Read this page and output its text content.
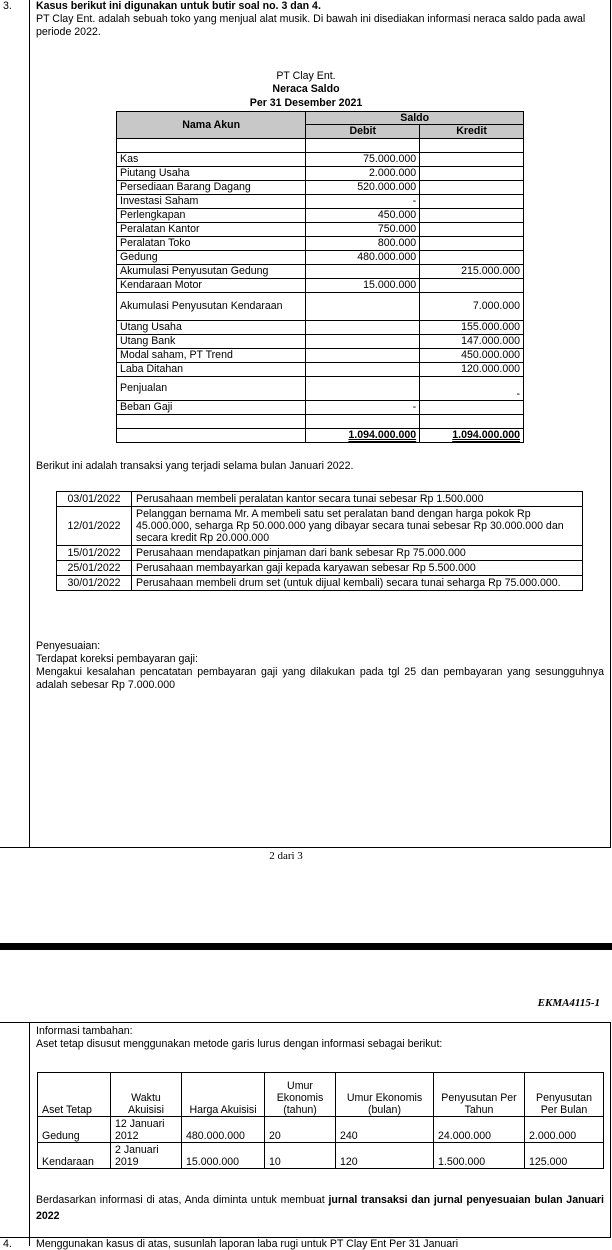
3. Kasus berikut ini digunakan untuk butir soal no. 3 dan 4.

PT Clay Ent. adalah sebuah toko yang menjual alat musik. Di bawah ini disediakan informasi neraca saldo pada awal periode 2022.

PT Clay Ent.
Neraca Saldo
Per 31 Desember 2021
Nama Akun	Saldo	
	Debit	Kredit

Kas	75.000.000	
Piutang Usaha	2.000.000	
Persediaan Barang Dagang	520.000.000	
Investasi Saham	-	
Perlengkapan	450.000	
Peralatan Kantor	750.000	
Peralatan Toko	800.000	
Gedung	480.000.000	
Akumulasi Penyusutan Gedung		215.000.000
Kendaraan Motor	15.000.000	
Akumulasi Penyusutan Kendaraan		7.000.000
Utang Usaha		155.000.000
Utang Bank		147.000.000
Modal saham, PT Trend		450.000.000
Laba Ditahan		120.000.000
Penjualan		-
Beban Gaji	-	

	1.094.000.000	1.094.000.000
Berikut ini adalah transaksi yang terjadi selama bulan Januari 2022.
03/01/2022	Perusahaan membeli peralatan kantor secara tunai sebesar Rp 1.500.000
12/01/2022	Pelanggan bernama Mr. A membeli satu set peralatan band dengan harga pokok Rp 45.000.000, seharga Rp 50.000.000 yang dibayar secara tunai sebesar Rp 30.000.000 dan secara kredit Rp 20.000.000
15/01/2022	Perusahaan mendapatkan pinjaman dari bank sebesar Rp 75.000.000
25/01/2022	Perusahaan membayarkan gaji kepada karyawan sebesar Rp 5.500.000
30/01/2022	Perusahaan membeli drum set (untuk dijual kembali) secara tunai seharga Rp 75.000.000.

Penyesuaian:

Terdapat koreksi pembayaran gaji:

Mengakui kesalahan pencatatan pembayaran gaji yang dilakukan pada tgl 25 dan pembayaran yang sesungguhnya adalah sebesar Rp 7.000.000

2 dari 3
EKMA4115-1

Informasi tambahan:

Aset tetap disusut menggunakan metode garis lurus dengan informasi sebagai berikut:

Aset Tetap	Waktu Akuisisi	Harga Akuisisi	Umur Ekonomis (tahun)	Umur Ekonomis (bulan)	Penyusutan Per Tahun	Penyusutan Per Bulan
Gedung	12 Januari 2012	480.000.000	20	240	24.000.000	2.000.000
Kendaraan	2 Januari 2019	15.000.000	10	120	1.500.000	125.000
Berdasarkan informasi di atas, Anda diminta untuk membuat jurnal transaksi dan jurnal penyesuaian bulan Januari 2022
4. Menggunakan kasus di atas, susunlah laporan laba rugi untuk PT Clay Ent Per 31 Januari
